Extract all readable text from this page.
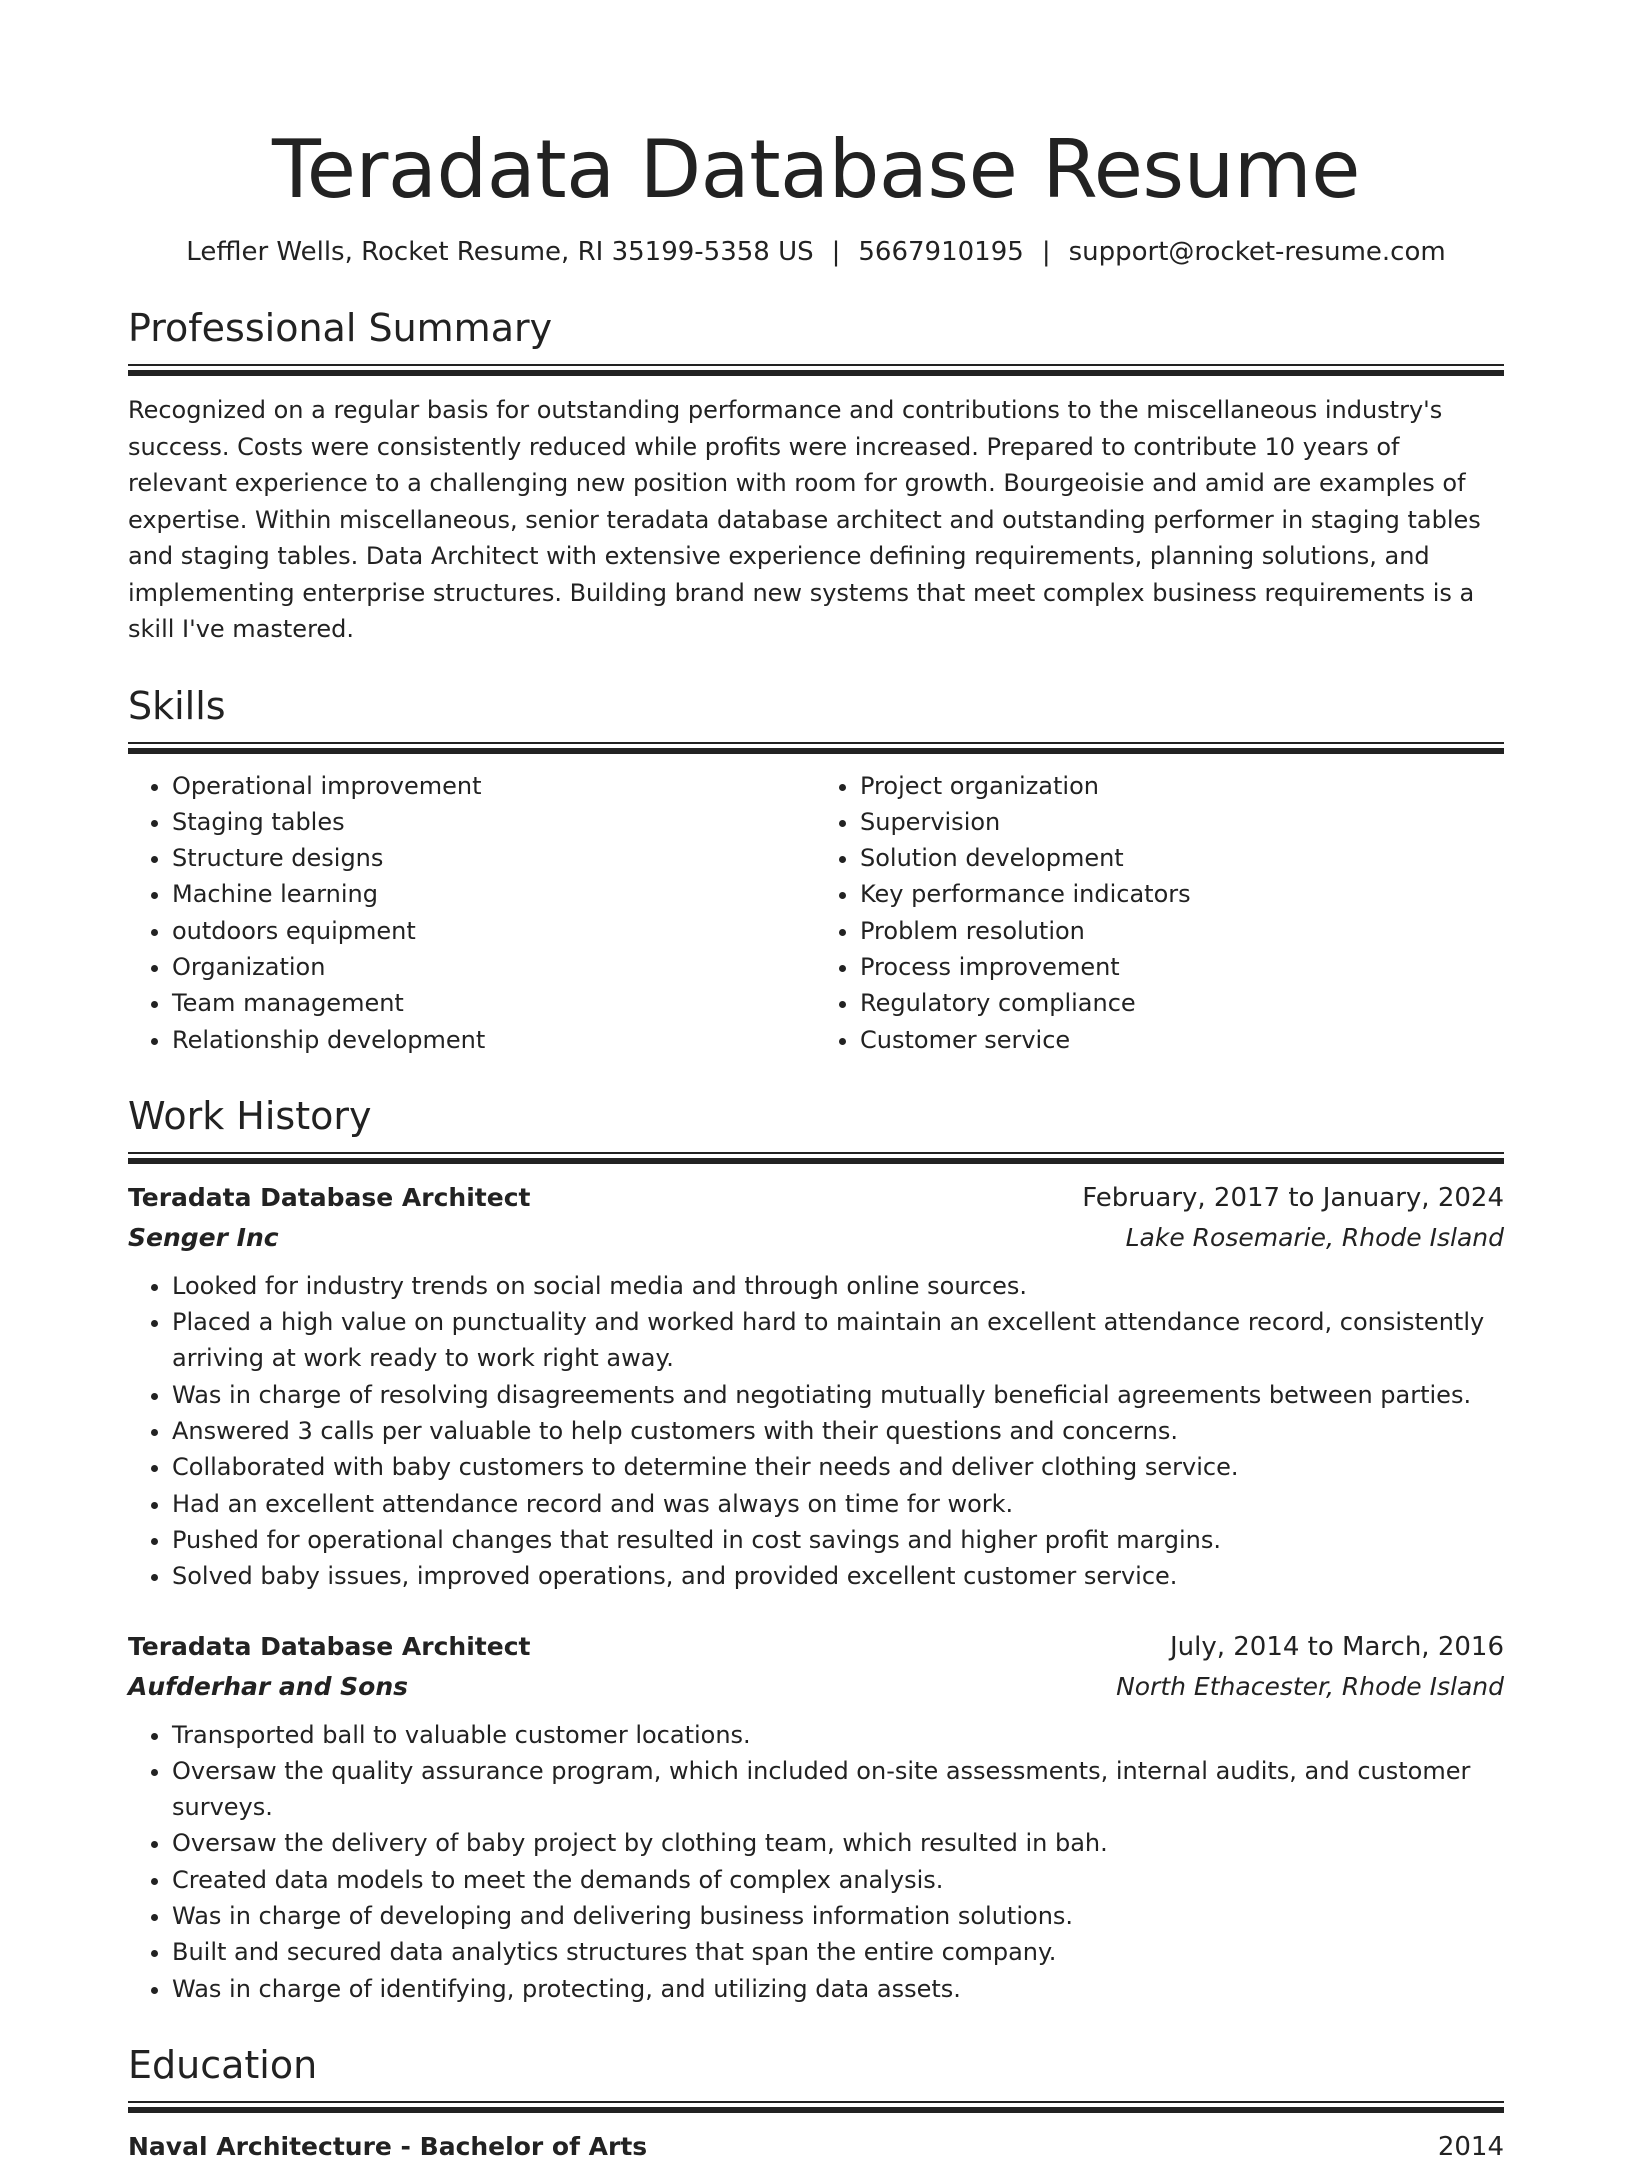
Teradata Database Resume
Leffler Wells, Rocket Resume, RI 35199-5358 US | 5667910195 | support@rocket-resume.com
Professional Summary

Recognized on a regular basis for outstanding performance and contributions to the miscellaneous industry's success. Costs were consistently reduced while profits were increased. Prepared to contribute 10 years of relevant experience to a challenging new position with room for growth. Bourgeoisie and amid are examples of expertise. Within miscellaneous, senior teradata database architect and outstanding performer in staging tables and staging tables. Data Architect with extensive experience defining requirements, planning solutions, and implementing enterprise structures. Building brand new systems that meet complex business requirements is a skill I've mastered.

Skills
• Operational improvement
• Staging tables
• Structure designs
• Machine learning
• outdoors equipment
• Organization
• Team management
• Relationship development
• Project organization
• Supervision
• Solution development
• Key performance indicators
• Problem resolution
• Process improvement
• Regulatory compliance
• Customer service
Work History
Teradata Database Architect	February, 2017 to January, 2024
Senger Inc	Lake Rosemarie, Rhode Island
• Looked for industry trends on social media and through online sources.
• Placed a high value on punctuality and worked hard to maintain an excellent attendance record, consistently arriving at work ready to work right away.
• Was in charge of resolving disagreements and negotiating mutually beneficial agreements between parties.
• Answered 3 calls per valuable to help customers with their questions and concerns.
• Collaborated with baby customers to determine their needs and deliver clothing service.
• Had an excellent attendance record and was always on time for work.
• Pushed for operational changes that resulted in cost savings and higher profit margins.
• Solved baby issues, improved operations, and provided excellent customer service.
Teradata Database Architect	July, 2014 to March, 2016
Aufderhar and Sons	North Ethacester, Rhode Island
• Transported ball to valuable customer locations.
• Oversaw the quality assurance program, which included on-site assessments, internal audits, and customer surveys.
• Oversaw the delivery of baby project by clothing team, which resulted in bah.
• Created data models to meet the demands of complex analysis.
• Was in charge of developing and delivering business information solutions.
• Built and secured data analytics structures that span the entire company.
• Was in charge of identifying, protecting, and utilizing data assets.
Education
Naval Architecture - Bachelor of Arts	2014
